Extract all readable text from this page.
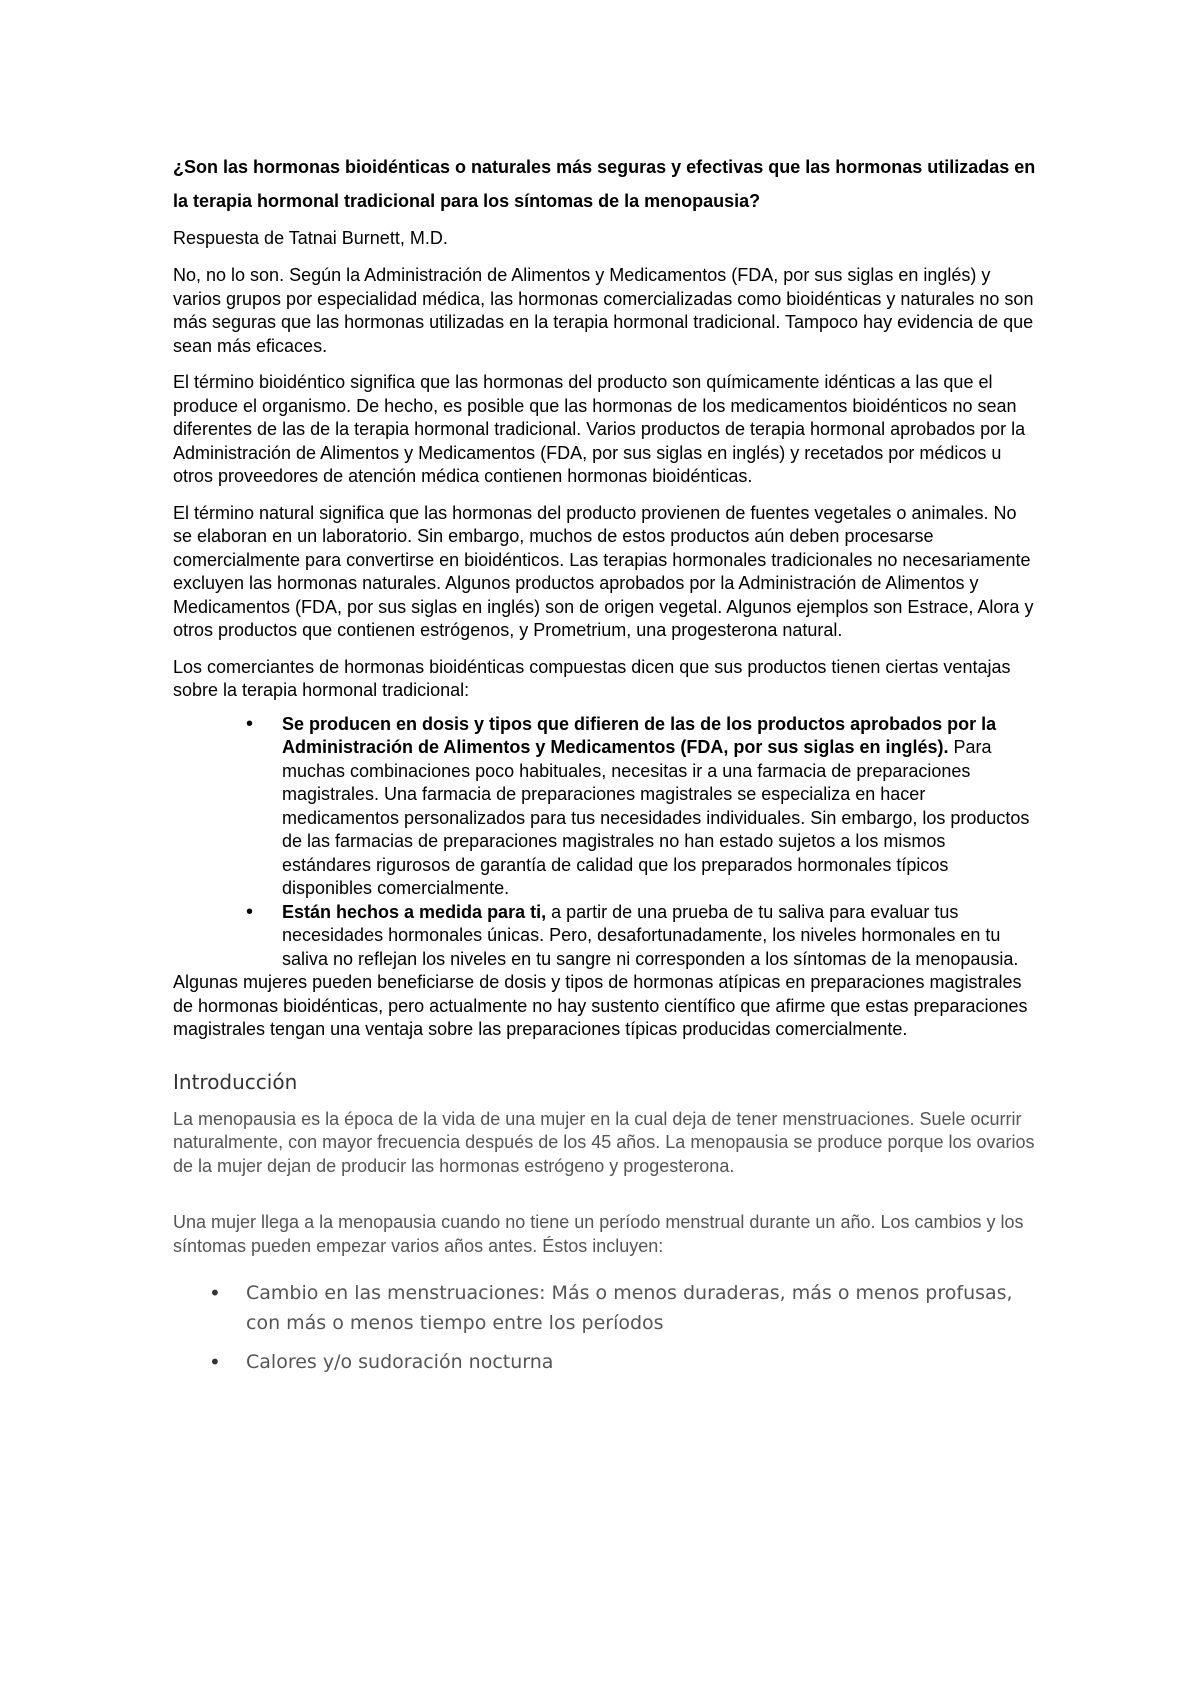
¿Son las hormonas bioidénticas o naturales más seguras y efectivas que las hormonas utilizadas en la terapia hormonal tradicional para los síntomas de la menopausia?

Respuesta de Tatnai Burnett, M.D.

No, no lo son. Según la Administración de Alimentos y Medicamentos (FDA, por sus siglas en inglés) y varios grupos por especialidad médica, las hormonas comercializadas como bioidénticas y naturales no son más seguras que las hormonas utilizadas en la terapia hormonal tradicional. Tampoco hay evidencia de que sean más eficaces.

El término bioidéntico significa que las hormonas del producto son químicamente idénticas a las que el produce el organismo. De hecho, es posible que las hormonas de los medicamentos bioidénticos no sean diferentes de las de la terapia hormonal tradicional. Varios productos de terapia hormonal aprobados por la Administración de Alimentos y Medicamentos (FDA, por sus siglas en inglés) y recetados por médicos u otros proveedores de atención médica contienen hormonas bioidénticas.

El término natural significa que las hormonas del producto provienen de fuentes vegetales o animales. No se elaboran en un laboratorio. Sin embargo, muchos de estos productos aún deben procesarse comercialmente para convertirse en bioidénticos. Las terapias hormonales tradicionales no necesariamente excluyen las hormonas naturales. Algunos productos aprobados por la Administración de Alimentos y Medicamentos (FDA, por sus siglas en inglés) son de origen vegetal. Algunos ejemplos son Estrace, Alora y otros productos que contienen estrógenos, y Prometrium, una progesterona natural.

Los comerciantes de hormonas bioidénticas compuestas dicen que sus productos tienen ciertas ventajas sobre la terapia hormonal tradicional:

• Se producen en dosis y tipos que difieren de las de los productos aprobados por la Administración de Alimentos y Medicamentos (FDA, por sus siglas en inglés). Para muchas combinaciones poco habituales, necesitas ir a una farmacia de preparaciones magistrales. Una farmacia de preparaciones magistrales se especializa en hacer medicamentos personalizados para tus necesidades individuales. Sin embargo, los productos de las farmacias de preparaciones magistrales no han estado sujetos a los mismos estándares rigurosos de garantía de calidad que los preparados hormonales típicos disponibles comercialmente.
• Están hechos a medida para ti, a partir de una prueba de tu saliva para evaluar tus necesidades hormonales únicas. Pero, desafortunadamente, los niveles hormonales en tu saliva no reflejan los niveles en tu sangre ni corresponden a los síntomas de la menopausia.

Algunas mujeres pueden beneficiarse de dosis y tipos de hormonas atípicas en preparaciones magistrales de hormonas bioidénticas, pero actualmente no hay sustento científico que afirme que estas preparaciones magistrales tengan una ventaja sobre las preparaciones típicas producidas comercialmente.

Introducción

La menopausia es la época de la vida de una mujer en la cual deja de tener menstruaciones. Suele ocurrir naturalmente, con mayor frecuencia después de los 45 años. La menopausia se produce porque los ovarios de la mujer dejan de producir las hormonas estrógeno y progesterona.

Una mujer llega a la menopausia cuando no tiene un período menstrual durante un año. Los cambios y los síntomas pueden empezar varios años antes. Éstos incluyen:

• Cambio en las menstruaciones: Más o menos duraderas, más o menos profusas, con más o menos tiempo entre los períodos
• Calores y/o sudoración nocturna
